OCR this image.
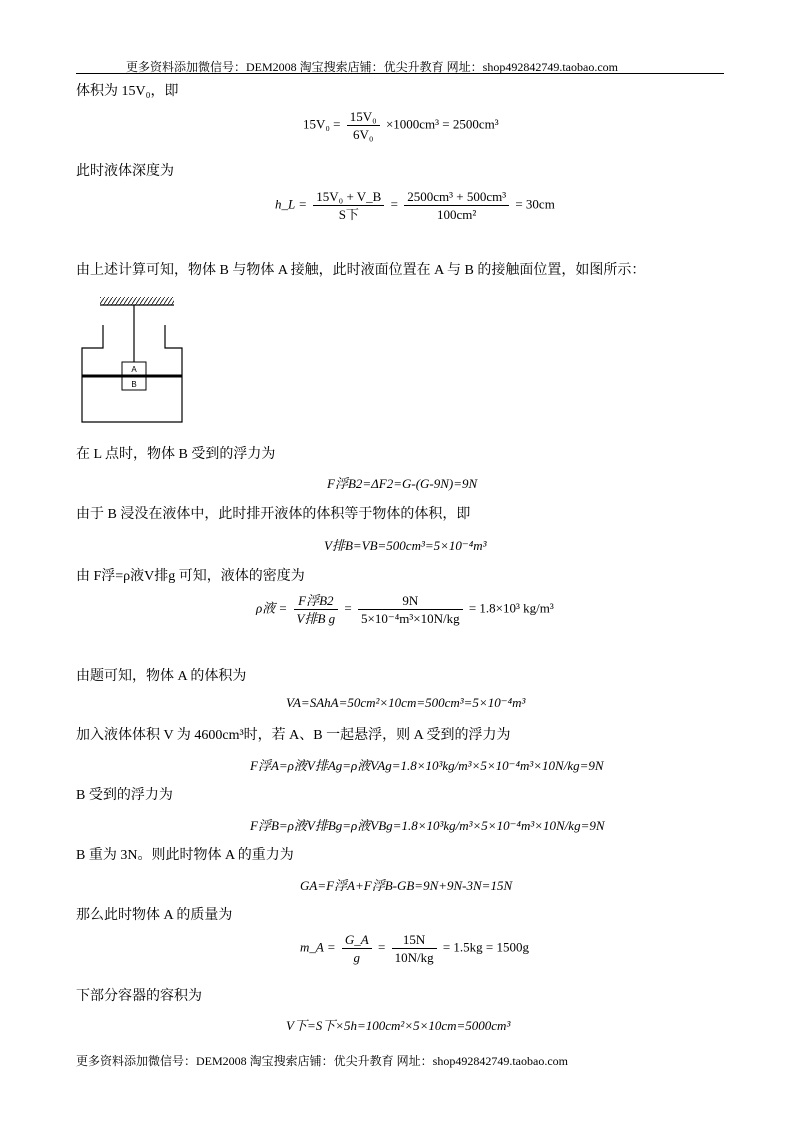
更多资料添加微信号：DEM2008 淘宝搜索店铺：优尖升教育 网址：shop492842749.taobao.com
体积为 15V₀，即
$15V_0 = \frac{\text{15V₀}}{\text{6V₀}} \times 1000cm^3 = 2500cm^3$
此时液体深度为
h_L = $\frac{\text{15V₀ + V\_B}}{\text{S下}} = \frac{\text{2500cm³ + 500cm³}}{\text{100cm²}} = 30cm$
由上述计算可知，物体 B 与物体 A 接触，此时液面位置在 A 与 B 的接触面位置，如图所示：
A
B
在 L 点时，物体 B 受到的浮力为
F浮B2=ΔF2=G-(G-9N)=9N
由于 B 浸没在液体中，此时排开液体的体积等于物体的体积，即
V排B=VB=500cm³=5×10⁻⁴m³
由 F浮=ρ液V排g 可知，液体的密度为
ρ液 = $\frac{\text{F浮B2}}{\text{V排B g}} = \frac{9N}{\text{5×10⁻⁴m³×10N/kg}} = 1.8\times 10^3$ kg/m³
由题可知，物体 A 的体积为
VA=SAhA=50cm²×10cm=500cm³=5×10⁻⁴m³
加入液体体积 V 为 4600cm³时，若 A、B 一起悬浮，则 A 受到的浮力为
F浮A=ρ液V排Ag=ρ液VAg=1.8×10³kg/m³×5×10⁻⁴m³×10N/kg=9N
B 受到的浮力为
F浮B=ρ液V排Bg=ρ液VBg=1.8×10³kg/m³×5×10⁻⁴m³×10N/kg=9N
B 重为 3N。则此时物体 A 的重力为
GA=F浮A+F浮B-GB=9N+9N-3N=15N
那么此时物体 A 的质量为
m_A = $\frac{G\_A}{g} = \frac{15N}{10N/kg} = 1.5kg = 1500g$
下部分容器的容积为
V下=S下×5h=100cm²×5×10cm=5000cm³
更多资料添加微信号：DEM2008 淘宝搜索店铺：优尖升教育 网址：shop492842749.taobao.com
